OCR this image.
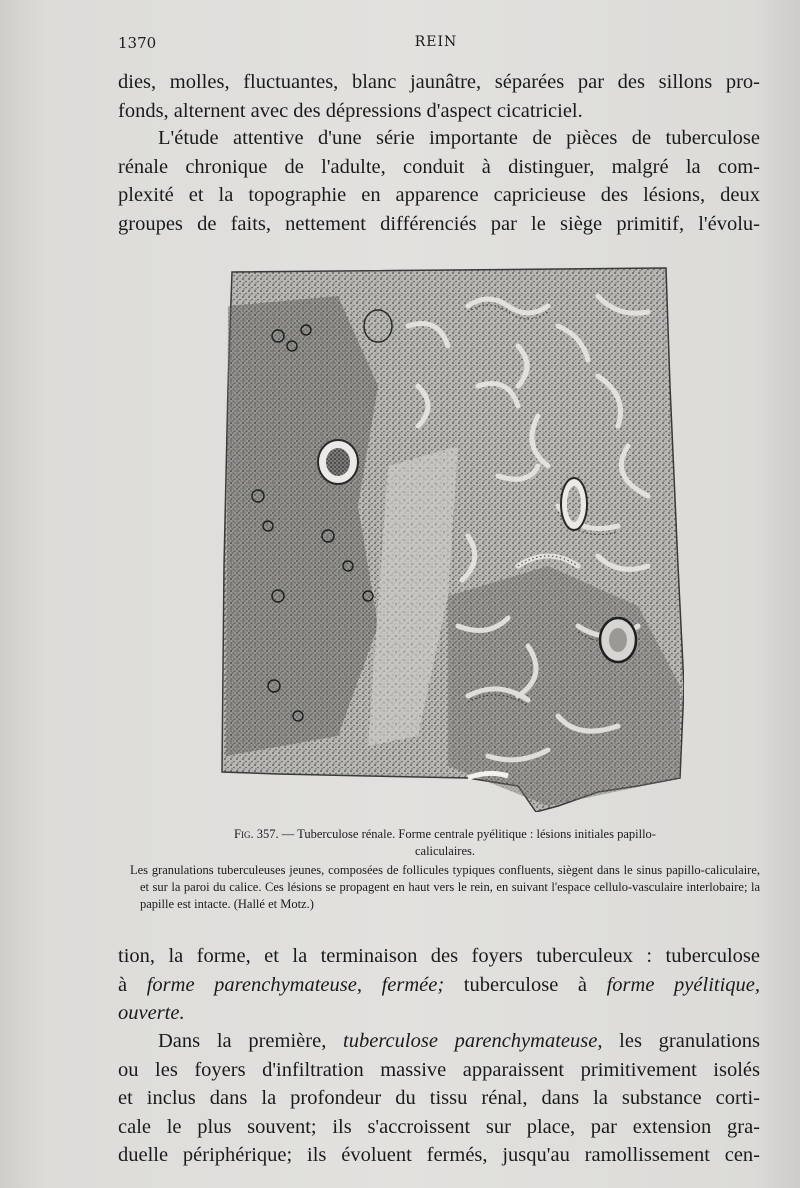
1370	REIN

dies, molles, fluctuantes, blanc jaunâtre, séparées par des sillons pro-
fonds, alternent avec des dépressions d'aspect cicatriciel.

L'étude attentive d'une série importante de pièces de tuberculose
rénale chronique de l'adulte, conduit à distinguer, malgré la com-
plexité et la topographie en apparence capricieuse des lésions, deux
groupes de faits, nettement différenciés par le siège primitif, l'évolu-

Fig. 357. — Tuberculose rénale. Forme centrale pyélitique : lésions initiales papillo-
caliculaires.

Les granulations tuberculeuses jeunes, composées de follicules typiques confluents, siègent dans le sinus papillo-caliculaire, et sur la paroi du calice. Ces lésions se propagent en haut vers le rein, en suivant l'espace cellulo-vasculaire interlobaire; la papille est intacte. (Hallé et Motz.)

tion, la forme, et la terminaison des foyers tuberculeux : tuberculose
à forme parenchymateuse, fermée; tuberculose à forme pyélitique,
ouverte.

Dans la première, tuberculose parenchymateuse, les granulations
ou les foyers d'infiltration massive apparaissent primitivement isolés
et inclus dans la profondeur du tissu rénal, dans la substance corti-
cale le plus souvent; ils s'accroissent sur place, par extension gra-
duelle périphérique; ils évoluent fermés, jusqu'au ramollissement cen-
